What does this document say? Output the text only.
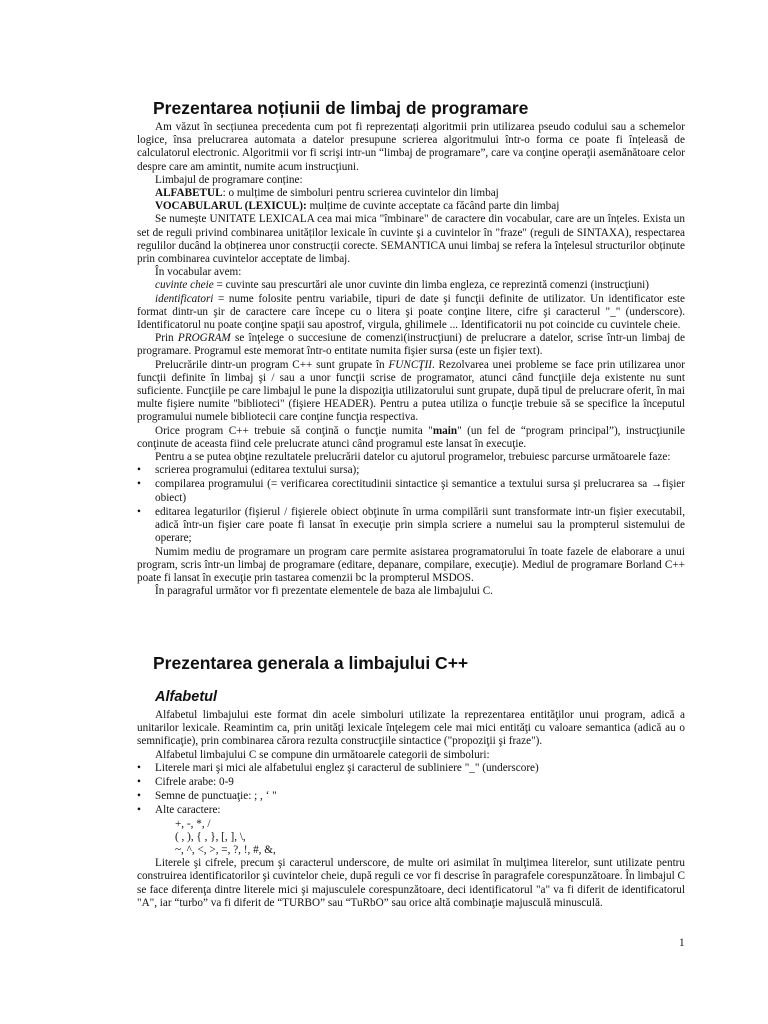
Prezentarea noțiunii de limbaj de programare

Am văzut în secțiunea precedenta cum pot fi reprezentați algoritmii prin utilizarea pseudo codului sau a schemelor logice, însa prelucrarea automata a datelor presupune scrierea algoritmului într-o forma ce poate fi înțeleasă de calculatorul electronic. Algoritmii vor fi scrişi intr-un “limbaj de programare”, care va conţine operaţii asemănătoare celor despre care am amintit, numite acum instrucţiuni.

Limbajul de programare conține:

ALFABETUL: o mulțime de simboluri pentru scrierea cuvintelor din limbaj

VOCABULARUL (LEXICUL): mulțime de cuvinte acceptate ca făcând parte din limbaj

Se numește UNITATE LEXICALA cea mai mica "îmbinare" de caractere din vocabular, care are un înțeles. Exista un set de reguli privind combinarea unităților lexicale în cuvinte şi a cuvintelor în "fraze" (reguli de SINTAXA), respectarea regulilor ducând la obținerea unor construcții corecte. SEMANTICA unui limbaj se refera la înțelesul structurilor obținute prin combinarea cuvintelor acceptate de limbaj.

În vocabular avem:

cuvinte cheie = cuvinte sau prescurtări ale unor cuvinte din limba engleza, ce reprezintă comenzi (instrucţiuni)

identificatori = nume folosite pentru variabile, tipuri de date şi funcţii definite de utilizator. Un identificator este format dintr-un şir de caractere care începe cu o litera şi poate conţine litere, cifre şi caracterul "_" (underscore). Identificatorul nu poate conţine spaţii sau apostrof, virgula, ghilimele ... Identificatorii nu pot coincide cu cuvintele cheie.

Prin PROGRAM se înţelege o succesiune de comenzi(instrucţiuni) de prelucrare a datelor, scrise într-un limbaj de programare. Programul este memorat într-o entitate numita fişier sursa (este un fişier text).

Prelucrările dintr-un program C++ sunt grupate în FUNCŢII. Rezolvarea unei probleme se face prin utilizarea unor funcţii definite în limbaj şi / sau a unor funcţii scrise de programator, atunci când funcţiile deja existente nu sunt suficiente. Funcţiile pe care limbajul le pune la dispoziţia utilizatorului sunt grupate, după tipul de prelucrare oferit, în mai multe fişiere numite "biblioteci" (fişiere HEADER). Pentru a putea utiliza o funcţie trebuie să se specifice la începutul programului numele bibliotecii care conţine funcţia respectiva.

Orice program C++ trebuie să conţină o funcţie numita "main" (un fel de “program principal”), instrucţiunile conţinute de aceasta fiind cele prelucrate atunci când programul este lansat în execuţie.

Pentru a se putea obţine rezultatele prelucrării datelor cu ajutorul programelor, trebuiesc parcurse următoarele faze:

•	scrierea programului (editarea textului sursa);
•	compilarea programului (= verificarea corectitudinii sintactice şi semantice a textului sursa şi prelucrarea sa →fişier obiect)
•	editarea legaturilor (fişierul / fişierele obiect obţinute în urma compilării sunt transformate intr-un fişier executabil, adică într-un fişier care poate fi lansat în execuţie prin simpla scriere a numelui sau la prompterul sistemului de operare;

Numim mediu de programare un program care permite asistarea programatorului în toate fazele de elaborare a unui program, scris într-un limbaj de programare (editare, depanare, compilare, execuţie). Mediul de programare Borland C++ poate fi lansat în execuţie prin tastarea comenzii bc la prompterul MSDOS.

În paragraful următor vor fi prezentate elementele de baza ale limbajului C.

Prezentarea generala a limbajului C++
Alfabetul

Alfabetul limbajului este format din acele simboluri utilizate la reprezentarea entităţilor unui program, adică a unitarilor lexicale. Reamintim ca, prin unităţi lexicale înţelegem cele mai mici entităţi cu valoare semantica (adică au o semnificaţie), prin combinarea cărora rezulta construcţiile sintactice ("propoziţii şi fraze").

Alfabetul limbajului C se compune din următoarele categorii de simboluri:

•	Literele mari şi mici ale alfabetului englez şi caracterul de subliniere "_" (underscore)
•	Cifrele arabe: 0-9
•	Semne de punctuaţie: ; , ‘ "
•	Alte caractere:

+, -, *, /

( , ), { , }, [, ], \,

~, ^, <, >, =, ?, !, #, &,

Literele şi cifrele, precum şi caracterul underscore, de multe ori asimilat în mulţimea literelor, sunt utilizate pentru construirea identificatorilor şi cuvintelor cheie, după reguli ce vor fi descrise în paragrafele corespunzătoare. În limbajul C se face diferenţa dintre literele mici şi majusculele corespunzătoare, deci identificatorul "a" va fi diferit de identificatorul "A", iar “turbo” va fi diferit de “TURBO” sau “TuRbO” sau orice altă combinaţie majusculă minusculă.

1
